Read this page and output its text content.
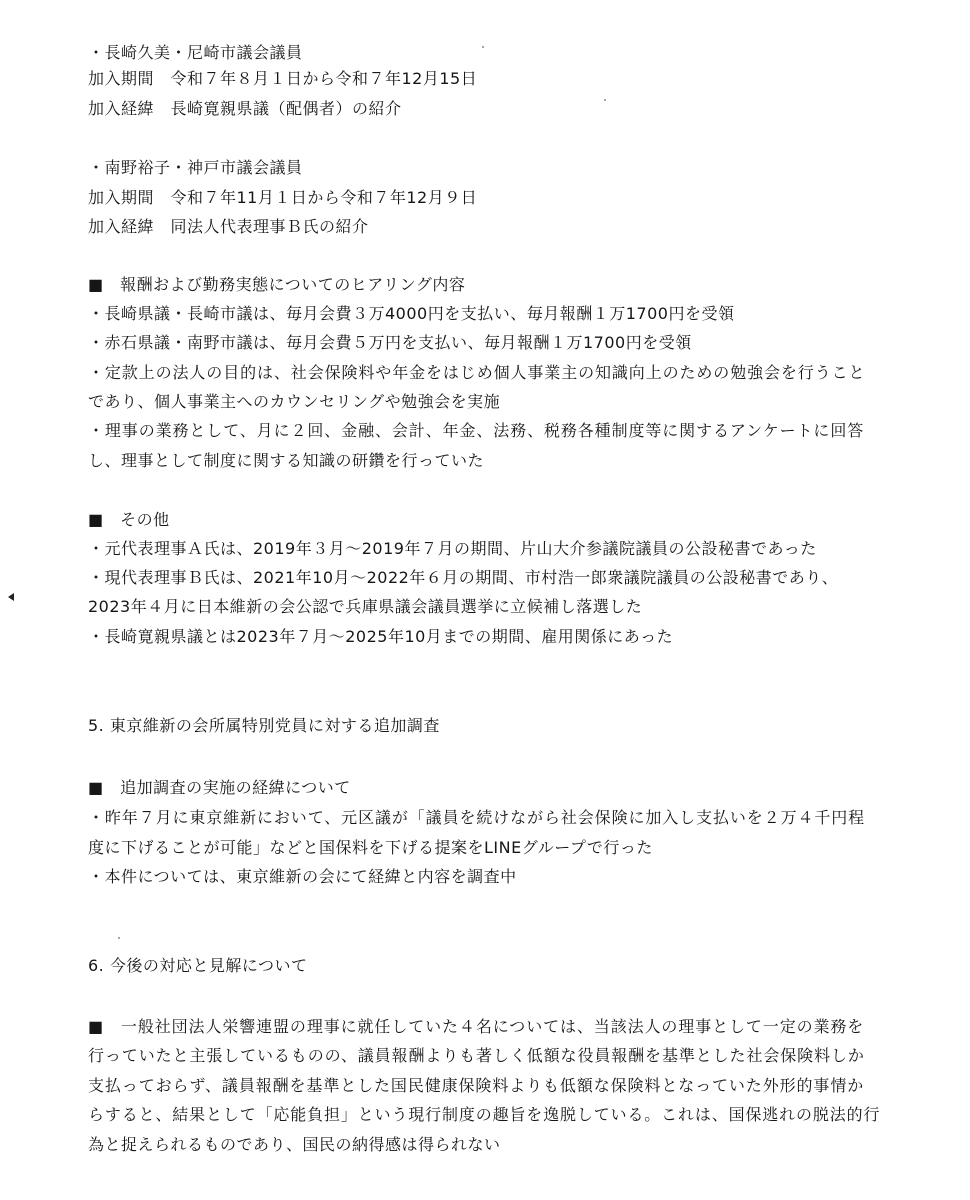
・長崎久美・尼崎市議会議員
加入期間　令和７年８月１日から令和７年12月15日
加入経緯　長崎寛親県議（配偶者）の紹介
・南野裕子・神戸市議会議員
加入期間　令和７年11月１日から令和７年12月９日
加入経緯　同法人代表理事Ｂ氏の紹介
■　報酬および勤務実態についてのヒアリング内容
・長崎県議・長崎市議は、毎月会費３万4000円を支払い、毎月報酬１万1700円を受領
・赤石県議・南野市議は、毎月会費５万円を支払い、毎月報酬１万1700円を受領
・定款上の法人の目的は、社会保険料や年金をはじめ個人事業主の知識向上のための勉強会を行うこと
であり、個人事業主へのカウンセリングや勉強会を実施
・理事の業務として、月に２回、金融、会計、年金、法務、税務各種制度等に関するアンケートに回答
し、理事として制度に関する知識の研鑽を行っていた
■　その他
・元代表理事Ａ氏は、2019年３月～2019年７月の期間、片山大介参議院議員の公設秘書であった
・現代表理事Ｂ氏は、2021年10月～2022年６月の期間、市村浩一郎衆議院議員の公設秘書であり、
2023年４月に日本維新の会公認で兵庫県議会議員選挙に立候補し落選した
・長崎寛親県議とは2023年７月～2025年10月までの期間、雇用関係にあった
5. 東京維新の会所属特別党員に対する追加調査
■　追加調査の実施の経緯について
・昨年７月に東京維新において、元区議が「議員を続けながら社会保険に加入し支払いを２万４千円程
度に下げることが可能」などと国保料を下げる提案をLINEグループで行った
・本件については、東京維新の会にて経緯と内容を調査中
6. 今後の対応と見解について
■　一般社団法人栄響連盟の理事に就任していた４名については、当該法人の理事として一定の業務を
行っていたと主張しているものの、議員報酬よりも著しく低額な役員報酬を基準とした社会保険料しか
支払っておらず、議員報酬を基準とした国民健康保険料よりも低額な保険料となっていた外形的事情か
らすると、結果として「応能負担」という現行制度の趣旨を逸脱している。これは、国保逃れの脱法的行
為と捉えられるものであり、国民の納得感は得られない
